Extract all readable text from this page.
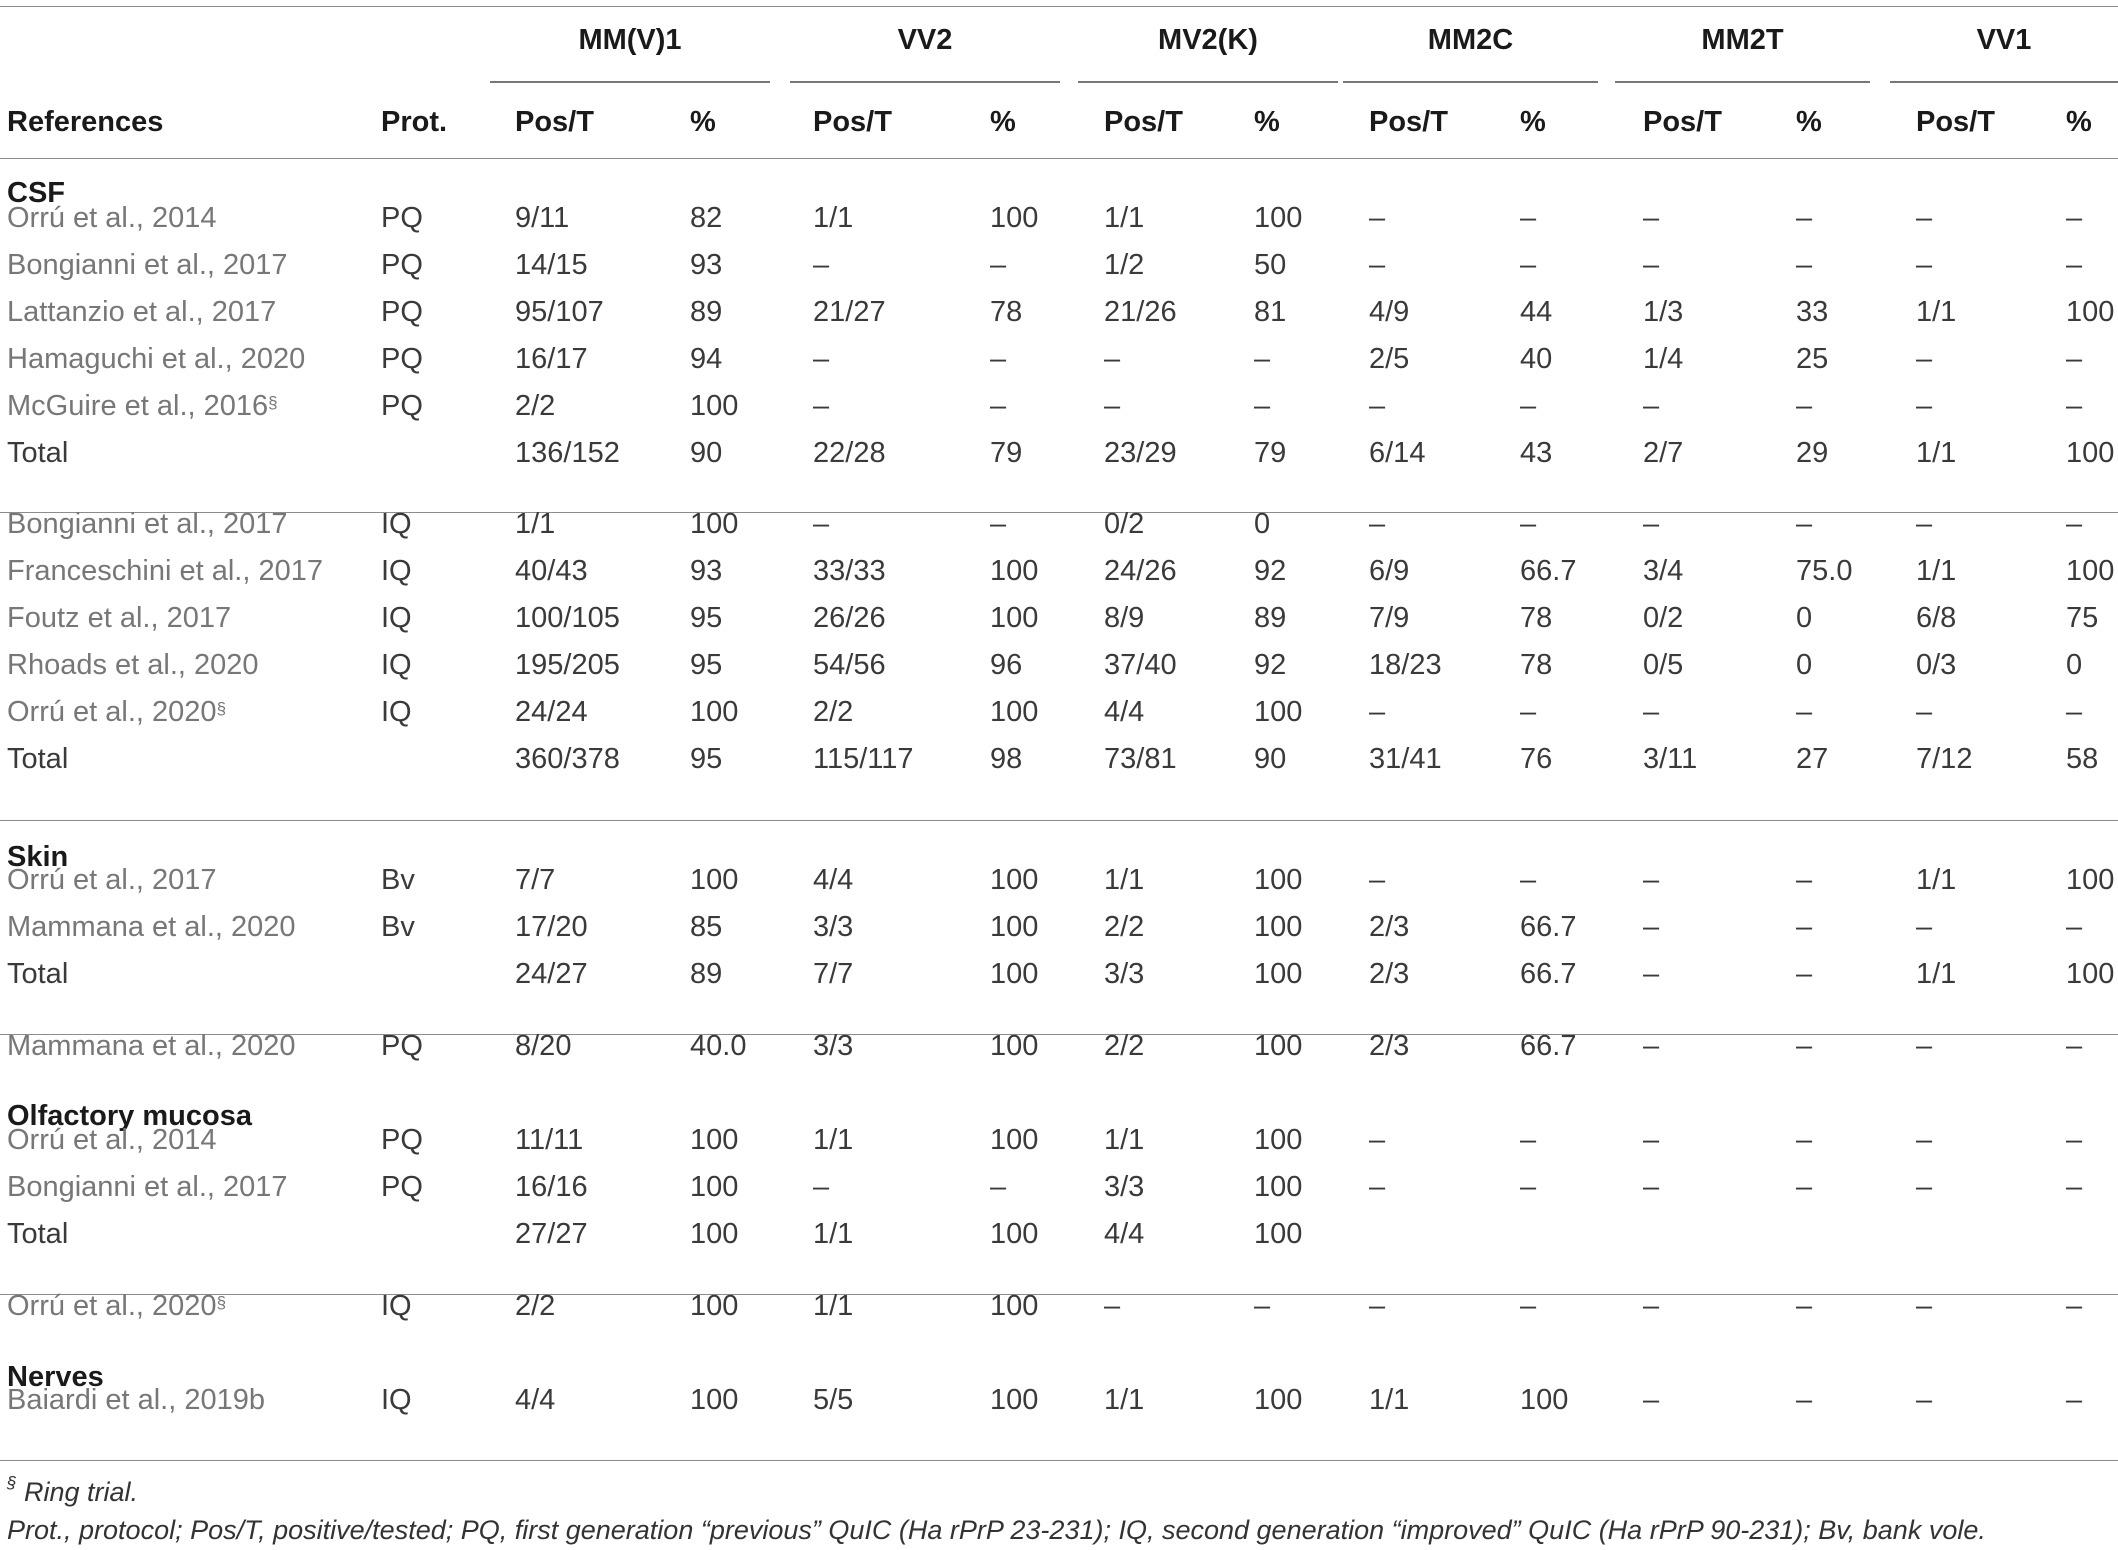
MM(V)1	VV2	MV2(K)	MM2C	MM2T	VV1
References	Prot. Pos/T	%	Pos/T	%	Pos/T %	Pos/T %	Pos/T	%	Pos/T %
CSF
Skin
Olfactory mucosa
Nerves
Orrú et al., 2014	PQ	9/11	82	1/1	100 1/1	100 –	–	–	–	–	–
Bongianni et al., 2017	PQ	14/15	93	–	–	1/2	50	–	–	–	–	–	–
Lattanzio et al., 2017	PQ	95/107	89	21/27	78	21/26	81	4/9	44	1/3	33	1/1	100
Hamaguchi et al., 2020	PQ	16/17	94	–	–	–	–	2/5	40	1/4	25	–	–
McGuire et al., 2016§	PQ	2/2	100	–	–	–	–	–	–	–	–	–	–
Total	136/152 90	22/28	79	23/29	79	6/14	43	2/7	29	1/1	100
Bongianni et al., 2017	IQ	1/1	100	–	–	0/2	0	–	–	–	–	–	–
Franceschini et al., 2017 IQ	40/43	93	33/33	100 24/26	92	6/9	66.7 3/4	75.0 1/1	100
Foutz et al., 2017	IQ	100/105 95	26/26	100 8/9	89	7/9	78	0/2	0	6/8	75
Rhoads et al., 2020	IQ	195/205 95	54/56	96	37/40	92	18/23	78	0/5	0	0/3	0
Orrú et al., 2020§	IQ	24/24	100	2/2	100 4/4	100 –	–	–	–	–	–
Total	360/378 95	115/117	98	73/81	90	31/41	76	3/11	27	7/12	58
Orrú et al., 2017	Bv	7/7	100	4/4	100 1/1	100 –	–	–	–	1/1	100
Mammana et al., 2020	Bv	17/20	85	3/3	100 2/2	100 2/3	66.7 –	–	–	–
Total	24/27	89	7/7	100 3/3	100 2/3	66.7 –	–	1/1	100
Mammana et al., 2020	PQ	8/20	40.0 3/3	100 2/2	100 2/3	66.7 –	–	–	–
Orrú et al., 2014	PQ	11/11	100	1/1	100 1/1	100 –	–	–	–	–	–
Bongianni et al., 2017	PQ	16/16	100	–	–	3/3	100 –	–	–	–	–	–
Total	27/27	100	1/1	100 4/4	100
Orrú et al., 2020§	IQ	2/2	100	1/1	100 –	–	–	–	–	–	–	–
Baiardi et al., 2019b	IQ	4/4	100	5/5	100 1/1	100 1/1	100	–	–	–	–
§ Ring trial.
Prot., protocol; Pos/T, positive/tested; PQ, first generation “previous” QuIC (Ha rPrP 23-231); IQ, second generation “improved” QuIC (Ha rPrP 90-231); Bv, bank vole.
